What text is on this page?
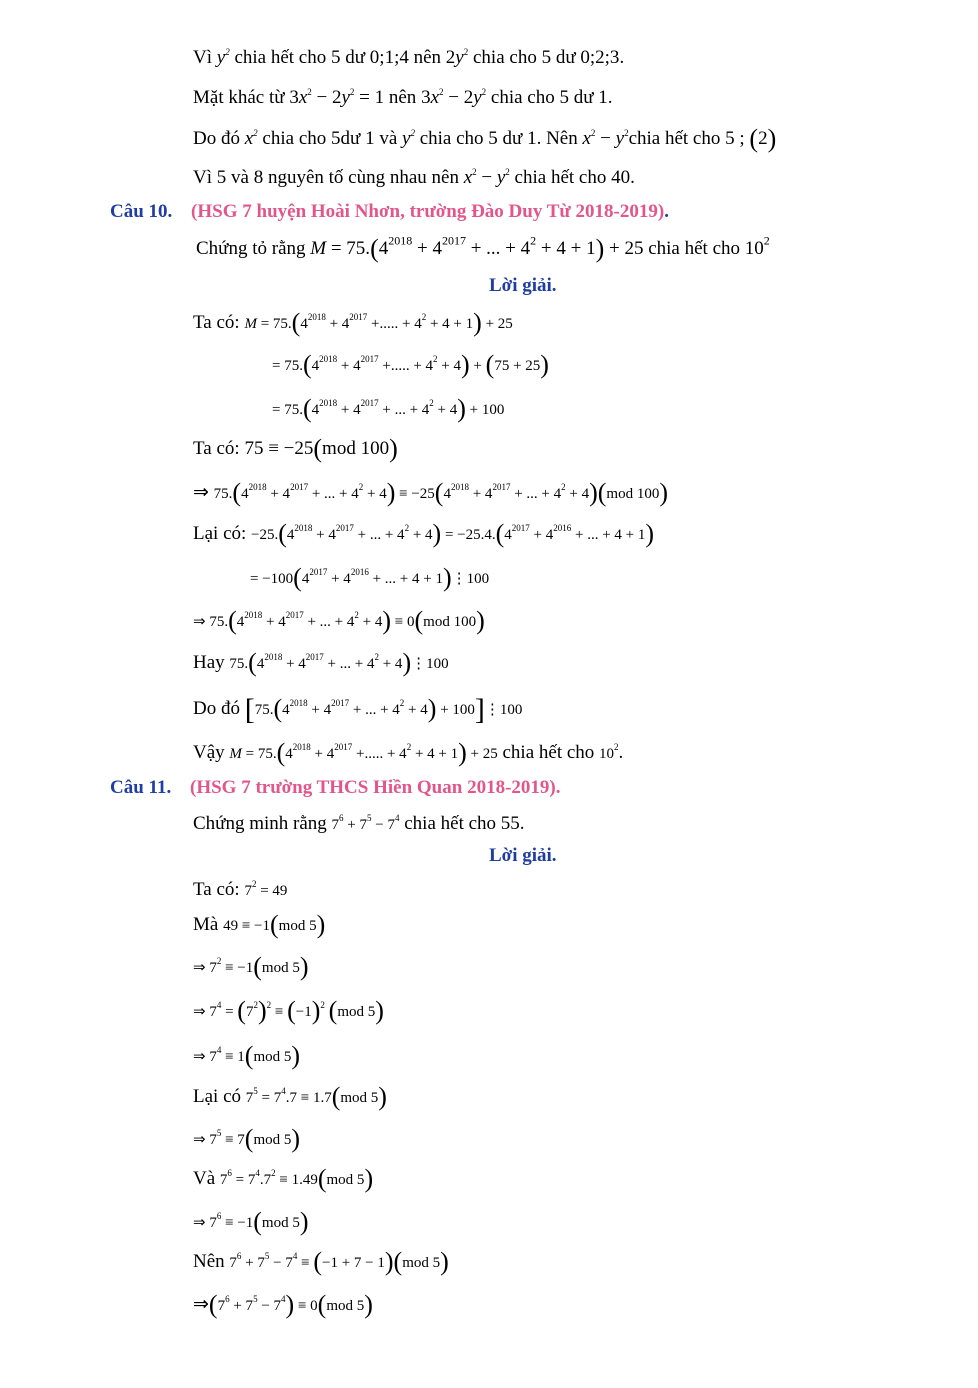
Vì $y^2$ chia hết cho 5 dư 0;1;4 nên $2y^2$ chia cho 5 dư 0;2;3.
Mặt khác từ $3x^2 - 2y^2 = 1$ nên $3x^2 - 2y^2$ chia cho 5 dư 1.
Do đó $x^2$ chia cho 5dư 1 và $y^2$ chia cho 5 dư 1. Nên $x^2$ − $y^2chia$ hết cho 5 ; (2)
Vì 5 và 8 nguyên tố cùng nhau nên $x^2 - y^2$ chia hết cho 40.
Câu 10. (HSG 7 huyện Hoài Nhơn, trường Đào Duy Từ 2018-2019).
Chứng tỏ rằng $M = 75.(4^{2018} + 4^{2017}$ + ... + $4^2 + 4 + 1) + 25$ chia hết cho $10^2$
Lời giải.
Ta có: $M = 75.(4^{2018} + 4^{2017}$ +..... + $4^2 + 4 + 1) + 25$
= $75.(4^{2018} + 4^{2017}$ +..... + $4^2 + 4) + (75 + 25)$
= $75.(4^{2018} + 4^{2017}$ + ... + $4^2 + 4) + 100$
Ta có: 75 ≡ −25(mod 100)
⇒ $75.(4^{2018} + 4^{2017}$ + ... + $4^2 + 4) \equiv -25(4^{2018} + 4^{2017}$ + ... + $4^2 + 4)(mod$ 100)
Lại có: $-25.(4^{2018} + 4^{2017}$ + ... + $4^2 + 4) = -25.4.(4^{2017} + 4^{2016}$ + ... + 4 + 1)
= $-100(4^{2017} + 4^{2016}$ + ... + 4 + 1)⋮100
⇒ $75.(4^{2018} + 4^{2017}$ + ... + $4^2 + 4) \equiv 0(mod$ 100)
Hay $75.(4^{2018} + 4^{2017}$ + ... + $4^2$ + 4)⋮100
Do đó [$75.(4^{2018} + 4^{2017}$ + ... + $4^2 + 4$) + 100]⋮100
Vậy $M = 75.(4^{2018} + 4^{2017}$ +..... + $4^2 + 4 + 1) + 25$ chia hết cho $10^2$.
Câu 11. (HSG 7 trường THCS Hiền Quan 2018-2019).
Chứng minh rằng $7^6 + 7^5 - 7^4$ chia hết cho 55.
Lời giải.
Ta có: $7^2 = 49$
Mà 49 ≡ −1(mod 5)
⇒ $7^2 \equiv -1(mod$ 5)
⇒ $7^4 = (7^2)^2 \equiv (-1)^2$ (mod 5)
⇒ $7^4 \equiv 1(mod$ 5)
Lại có $7^5 = 7^4.7 \equiv 1.7(mod$ 5)
⇒ $7^5 \equiv 7(mod$ 5)
Và $7^6 = 7^4.7^2 \equiv 1.49(mod$ 5)
⇒ $7^6 \equiv -1(mod$ 5)
Nên $7^6 + 7^5 - 7^4 \equiv (-1 + 7 - 1)(mod$ 5)
$\Rightarrow(7^6 + 7^5 - 7^4) \equiv 0(mod$ 5)
